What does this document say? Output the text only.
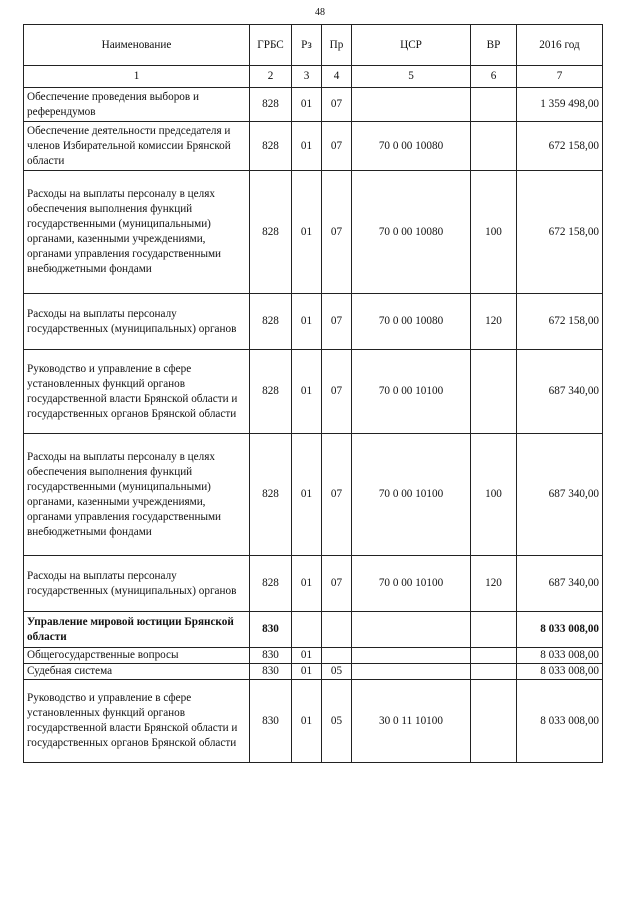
48
Наименование	ГРБС	Рз	Пр	ЦСР	ВР	2016 год
1	2	3	4	5	6	7
Обеспечение проведения выборов и референдумов	828	01	07			1 359 498,00
Обеспечение деятельности председателя и членов Избирательной комиссии Брянской области	828	01	07	70 0 00 10080		672 158,00
Расходы на выплаты персоналу в целях обеспечения выполнения функций государственными (муниципальными) органами, казенными учреждениями, органами управления государственными внебюджетными фондами	828	01	07	70 0 00 10080	100	672 158,00
Расходы на выплаты персоналу государственных (муниципальных) органов	828	01	07	70 0 00 10080	120	672 158,00
Руководство и управление в сфере установленных функций органов государственной власти Брянской области и государственных органов Брянской области	828	01	07	70 0 00 10100		687 340,00
Расходы на выплаты персоналу в целях обеспечения выполнения функций государственными (муниципальными) органами, казенными учреждениями, органами управления государственными внебюджетными фондами	828	01	07	70 0 00 10100	100	687 340,00
Расходы на выплаты персоналу государственных (муниципальных) органов	828	01	07	70 0 00 10100	120	687 340,00
Управление мировой юстиции Брянской области	830					8 033 008,00
Общегосударственные вопросы	830	01				8 033 008,00
Судебная система	830	01	05			8 033 008,00
Руководство и управление в сфере установленных функций органов государственной власти Брянской области и государственных органов Брянской области	830	01	05	30 0 11 10100		8 033 008,00
